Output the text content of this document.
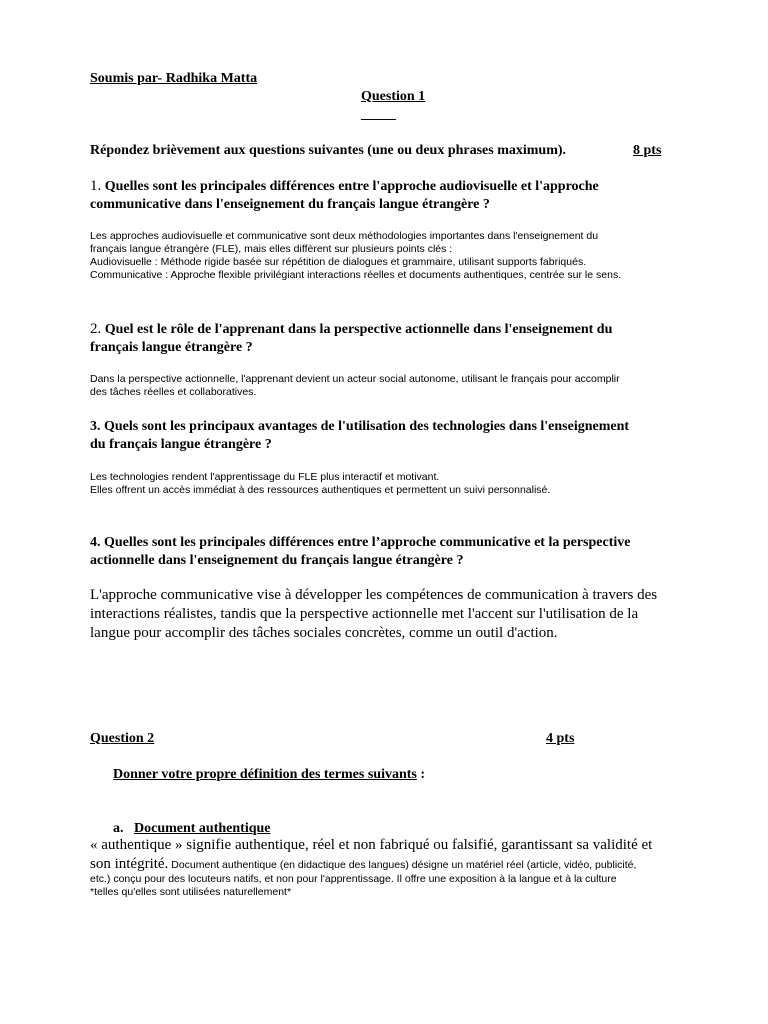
Soumis par- Radhika Matta
Question 1
_____
Répondez brièvement aux questions suivantes (une ou deux phrases maximum).	8 pts
1. Quelles sont les principales différences entre l'approche audiovisuelle et l'approche
communicative dans l'enseignement du français langue étrangère ?
Les approches audiovisuelle et communicative sont deux méthodologies importantes dans l'enseignement du
français langue étrangère (FLE), mais elles diffèrent sur plusieurs points clés :
Audiovisuelle : Méthode rigide basée sur répétition de dialogues et grammaire, utilisant supports fabriqués.
Communicative : Approche flexible privilégiant interactions réelles et documents authentiques, centrée sur le sens.
2. Quel est le rôle de l'apprenant dans la perspective actionnelle dans l'enseignement du
français langue étrangère ?
Dans la perspective actionnelle, l'apprenant devient un acteur social autonome, utilisant le français pour accomplir
des tâches réelles et collaboratives.
3. Quels sont les principaux avantages de l'utilisation des technologies dans l'enseignement
du français langue étrangère ?
Les technologies rendent l'apprentissage du FLE plus interactif et motivant.
Elles offrent un accès immédiat à des ressources authentiques et permettent un suivi personnalisé.
4. Quelles sont les principales différences entre l’approche communicative et la perspective
actionnelle dans l'enseignement du français langue étrangère ?
L'approche communicative vise à développer les compétences de communication à travers des
interactions réalistes, tandis que la perspective actionnelle met l'accent sur l'utilisation de la
langue pour accomplir des tâches sociales concrètes, comme un outil d'action.
Question 2	4 pts
Donner votre propre définition des termes suivants :
a. Document authentique
« authentique » signifie authentique, réel et non fabriqué ou falsifié, garantissant sa validité et
son intégrité. Document authentique (en didactique des langues) désigne un matériel réel (article, vidéo, publicité,
etc.) conçu pour des locuteurs natifs, et non pour l'apprentissage. Il offre une exposition à la langue et à la culture
*telles qu'elles sont utilisées naturellement*
